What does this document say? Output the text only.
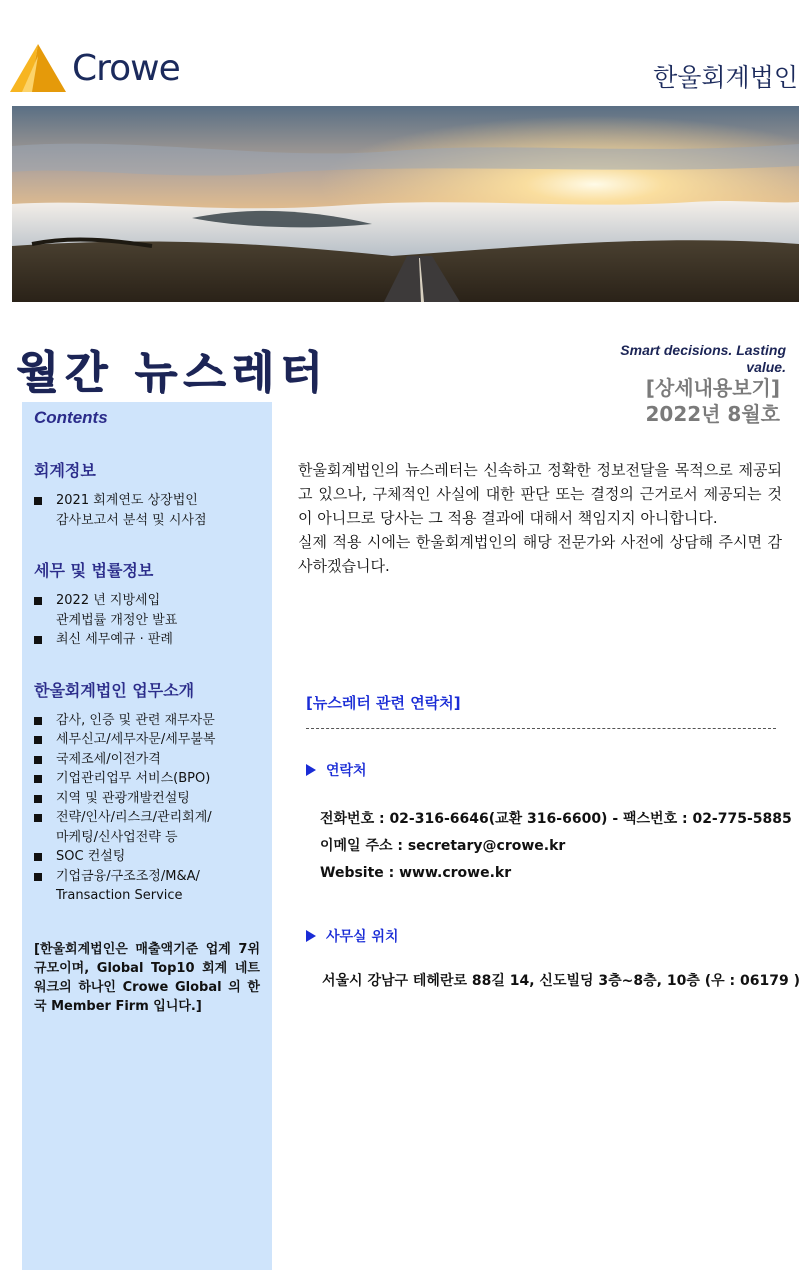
Crowe	한울회계법인
월간 뉴스레터	Smart decisions. Lasting value.
[상세내용보기]
2022년 8월호
Contents
회계정보
2021 회계연도 상장법인
감사보고서 분석 및 시사점
세무 및 법률정보
2022 년 지방세입
관계법률 개정안 발표
최신 세무예규 · 판례
한울회계법인 업무소개
감사, 인증 및 관련 재무자문
세무신고/세무자문/세무불복
국제조세/이전가격
기업관리업무 서비스(BPO)
지역 및 관광개발컨설팅
전략/인사/리스크/관리회계/
마케팅/신사업전략 등
SOC 컨설팅
기업금융/구조조정/M&A/
Transaction Service
[한울회계법인은 매출액기준 업계 7위 규모이며, Global Top10 회계 네트워크의 하나인 Crowe Global 의 한국 Member Firm 입니다.]

한울회계법인의 뉴스레터는 신속하고 정확한 정보전달을 목적으로 제공되고 있으나, 구체적인 사실에 대한 판단 또는 결정의 근거로서 제공되는 것이 아니므로 당사는 그 적용 결과에 대해서 책임지지 아니합니다.

실제 적용 시에는 한울회계법인의 해당 전문가와 사전에 상담해 주시면 감사하겠습니다.

[뉴스레터 관련 연락처]
연락처
전화번호 : 02-316-6646(교환 316-6600) - 팩스번호 : 02-775-5885
이메일 주소 : secretary@crowe.kr
Website : www.crowe.kr
사무실 위치
서울시 강남구 테헤란로 88길 14, 신도빌딩 3층~8층, 10층 (우 : 06179 )
